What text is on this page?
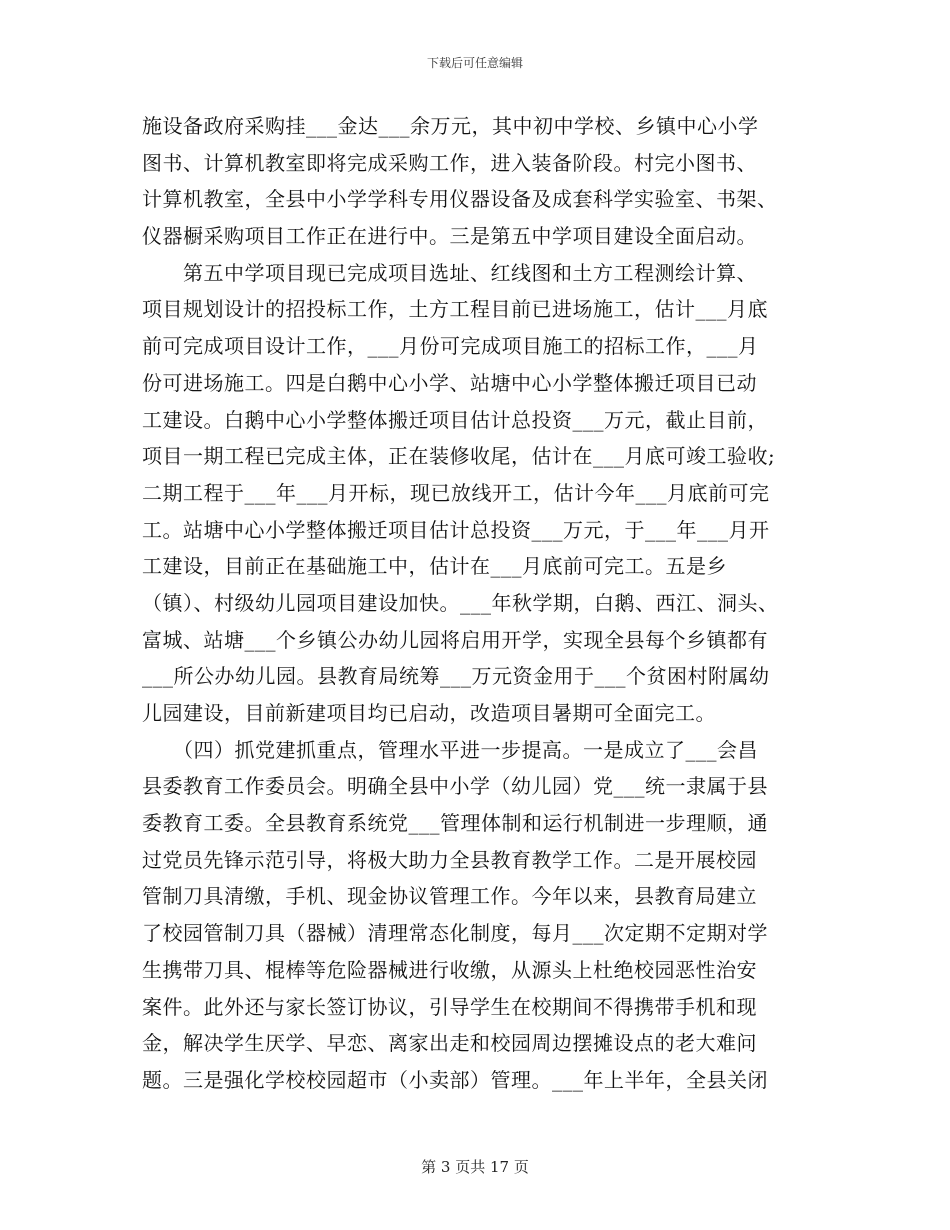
下载后可任意编辑
施设备政府采购挂___金达___余万元，其中初中学校、乡镇中心小学
图书、计算机教室即将完成采购工作，进入装备阶段。村完小图书、
计算机教室，全县中小学学科专用仪器设备及成套科学实验室、书架、
仪器橱采购项目工作正在进行中。三是第五中学项目建设全面启动。
　　第五中学项目现已完成项目选址、红线图和土方工程测绘计算、
项目规划设计的招投标工作，土方工程目前已进场施工，估计___月底
前可完成项目设计工作，___月份可完成项目施工的招标工作，___月
份可进场施工。四是白鹅中心小学、站塘中心小学整体搬迁项目已动
工建设。白鹅中心小学整体搬迁项目估计总投资___万元，截止目前，
项目一期工程已完成主体，正在装修收尾，估计在___月底可竣工验收;
二期工程于___年___月开标，现已放线开工，估计今年___月底前可完
工。站塘中心小学整体搬迁项目估计总投资___万元，于___年___月开
工建设，目前正在基础施工中，估计在___月底前可完工。五是乡
（镇）、村级幼儿园项目建设加快。___年秋学期，白鹅、西江、洞头、
富城、站塘___个乡镇公办幼儿园将启用开学，实现全县每个乡镇都有
___所公办幼儿园。县教育局统筹___万元资金用于___个贫困村附属幼
儿园建设，目前新建项目均已启动，改造项目暑期可全面完工。
　　（四）抓党建抓重点，管理水平进一步提高。一是成立了___会昌
县委教育工作委员会。明确全县中小学（幼儿园）党___统一隶属于县
委教育工委。全县教育系统党___管理体制和运行机制进一步理顺，通
过党员先锋示范引导，将极大助力全县教育教学工作。二是开展校园
管制刀具清缴，手机、现金协议管理工作。今年以来，县教育局建立
了校园管制刀具（器械）清理常态化制度，每月___次定期不定期对学
生携带刀具、棍棒等危险器械进行收缴，从源头上杜绝校园恶性治安
案件。此外还与家长签订协议，引导学生在校期间不得携带手机和现
金，解决学生厌学、早恋、离家出走和校园周边摆摊设点的老大难问
题。三是强化学校校园超市（小卖部）管理。___年上半年，全县关闭
第 3 页共 17 页
